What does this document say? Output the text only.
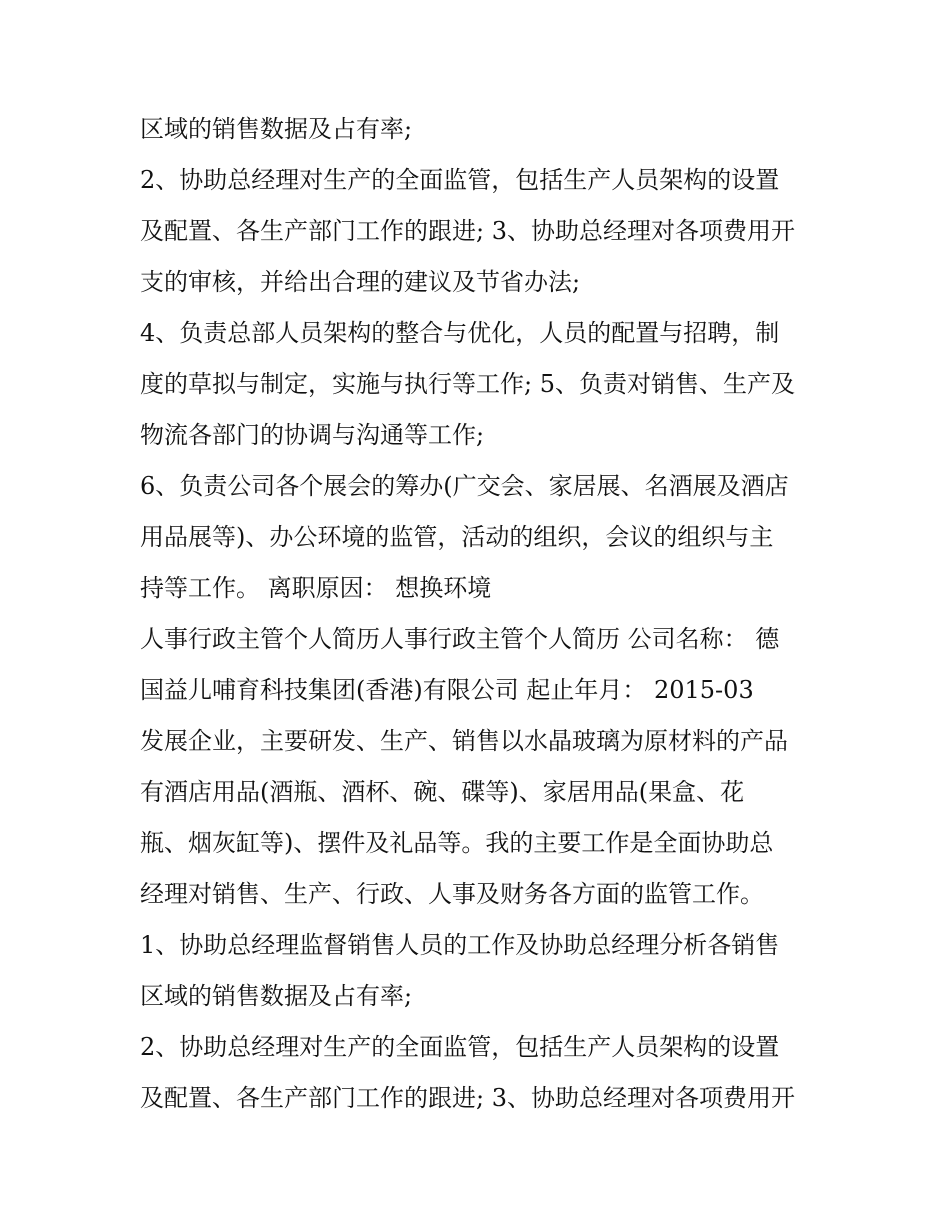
区域的销售数据及占有率;
2、协助总经理对生产的全面监管，包括生产人员架构的设置
及配置、各生产部门工作的跟进; 3、协助总经理对各项费用开
支的审核，并给出合理的建议及节省办法;
4、负责总部人员架构的整合与优化，人员的配置与招聘，制
度的草拟与制定，实施与执行等工作; 5、负责对销售、生产及
物流各部门的协调与沟通等工作;
6、负责公司各个展会的筹办(广交会、家居展、名酒展及酒店
用品展等)、办公环境的监管，活动的组织，会议的组织与主
持等工作。 离职原因： 想换环境
人事行政主管个人简历人事行政主管个人简历 公司名称： 德
国益儿哺育科技集团(香港)有限公司 起止年月： 2015-03
发展企业，主要研发、生产、销售以水晶玻璃为原材料的产品
有酒店用品(酒瓶、酒杯、碗、碟等)、家居用品(果盒、花
瓶、烟灰缸等)、摆件及礼品等。我的主要工作是全面协助总
经理对销售、生产、行政、人事及财务各方面的监管工作。
1、协助总经理监督销售人员的工作及协助总经理分析各销售
区域的销售数据及占有率;
2、协助总经理对生产的全面监管，包括生产人员架构的设置
及配置、各生产部门工作的跟进; 3、协助总经理对各项费用开
